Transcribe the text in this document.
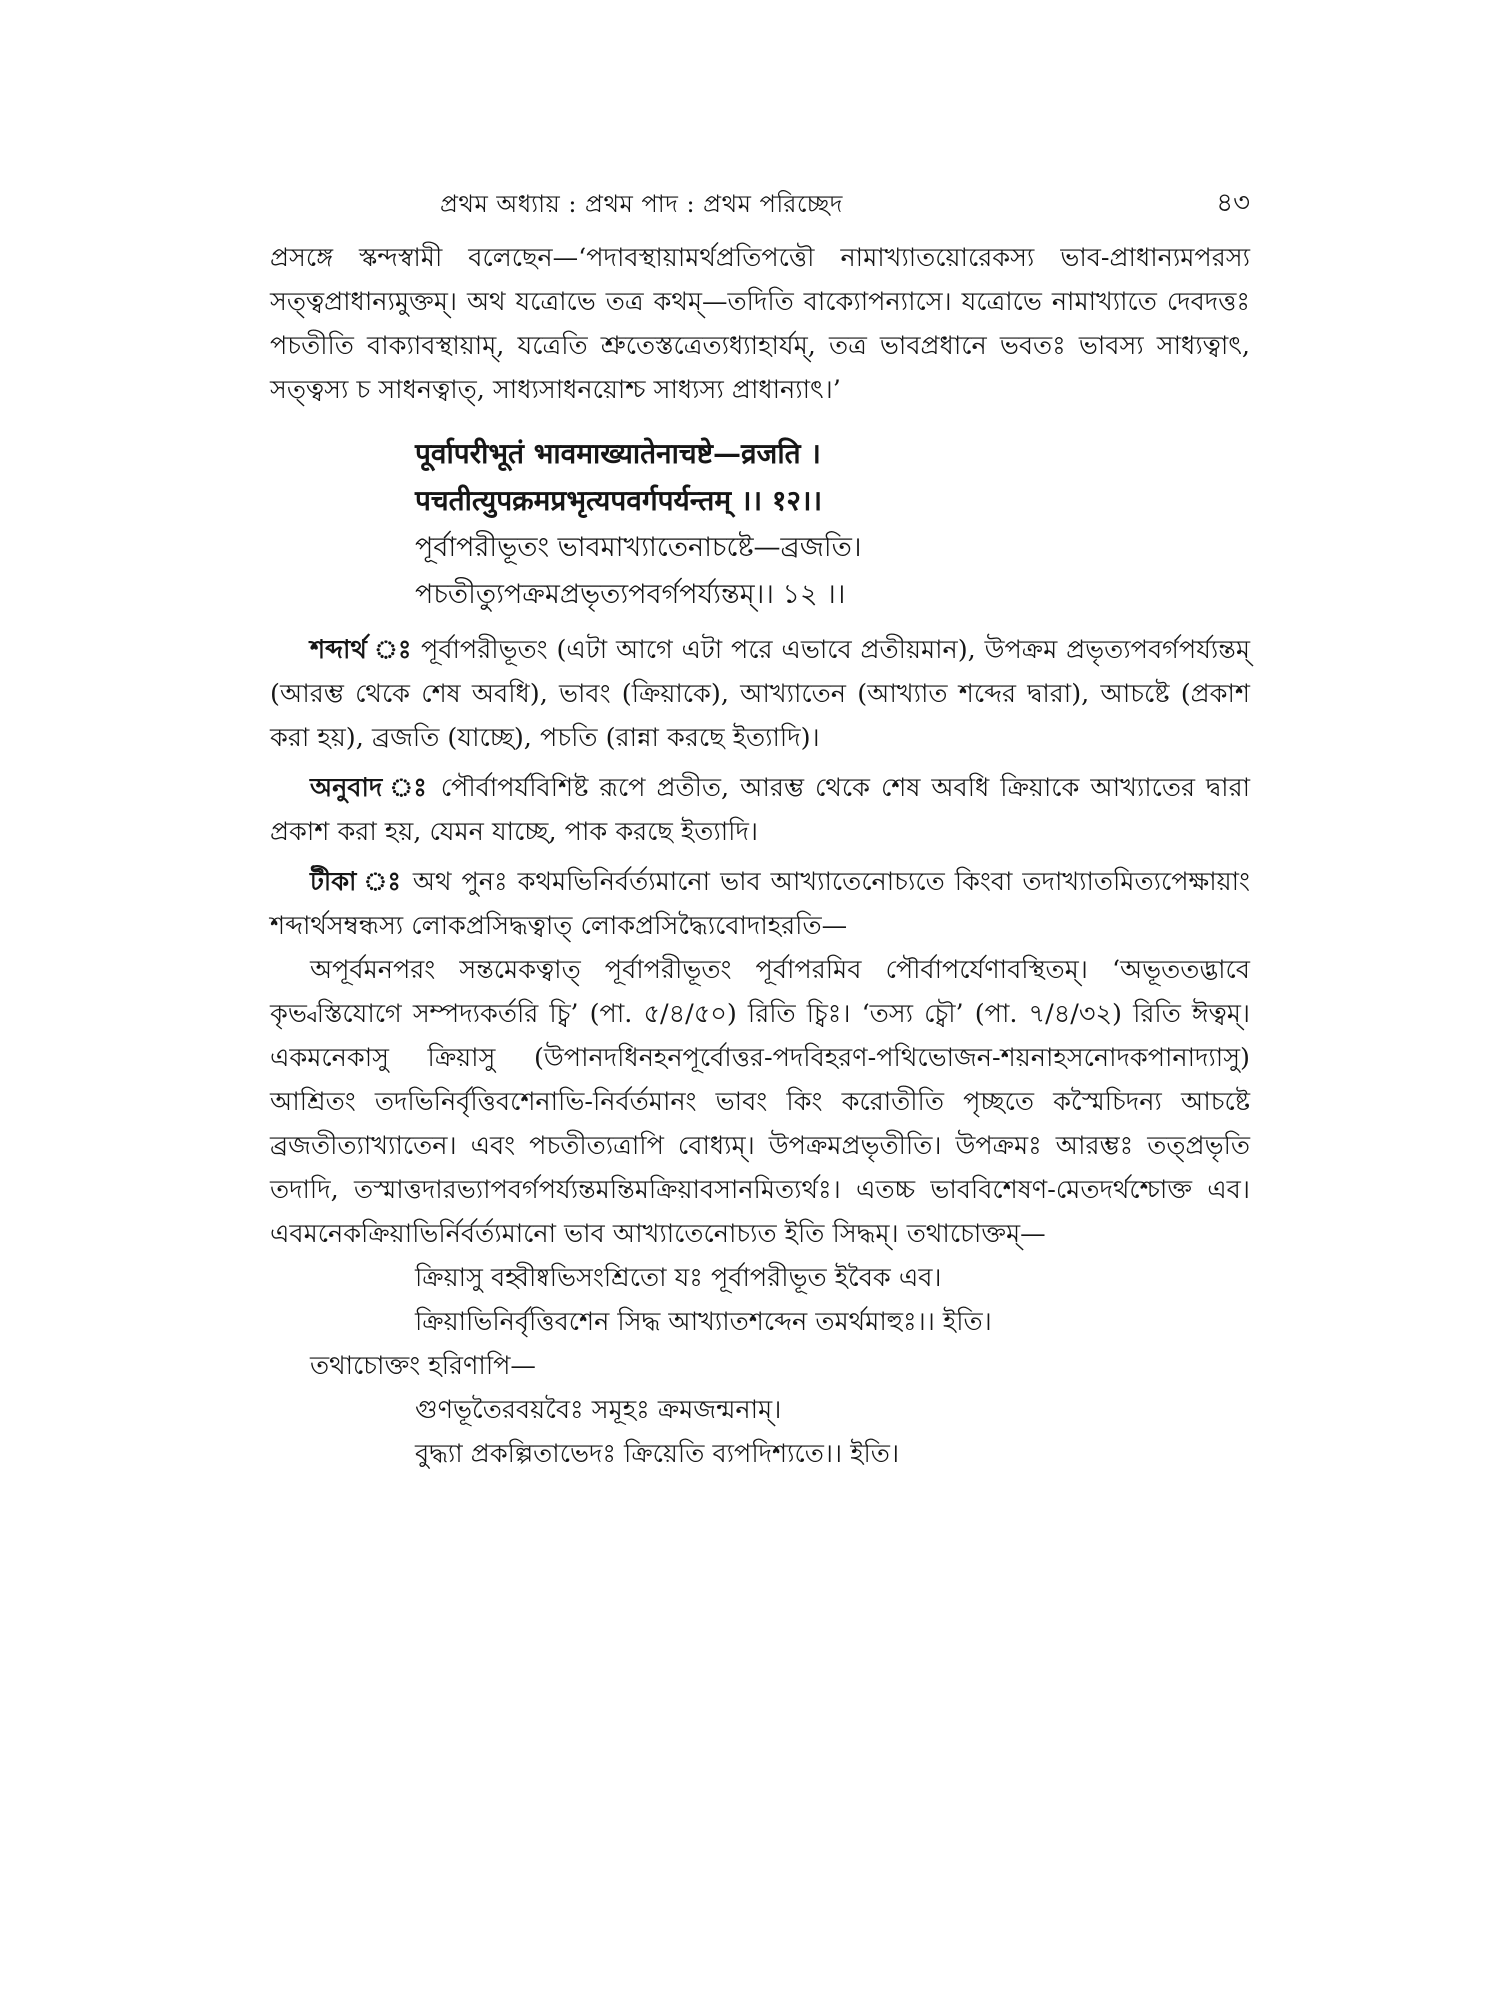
প্রথম অধ্যায় : প্রথম পাদ : প্রথম পরিচ্ছেদ	৪৩

প্রসঙ্গে স্কন্দস্বামী বলেছেন—‘পদাবস্থায়ামর্থপ্রতিপত্তৌ নামাখ্যাতয়োরেকস্য ভাব-প্রাধান্যমপরস্য সত্ত্বপ্রাধান্যমুক্তম্। অথ যত্রোভে তত্র কথম্—তদিতি বাক্যোপন্যাসে। যত্রোভে নামাখ্যাতে দেবদত্তঃ পচতীতি বাক্যাবস্থায়াম্, যত্রেতি শ্রুতেস্তত্রেত্যধ্যাহার্যম্, তত্র ভাবপ্রধানে ভবতঃ ভাবস্য সাধ্যত্বাৎ, সত্ত্বস্য চ সাধনত্বাত্, সাধ্যসাধনয়োশ্চ সাধ্যস্য প্রাধান্যাৎ।’

पूर्वापरीभूतं भावमाख्यातेनाचष्टे—व्रजति ।
पचतीत्युपक्रमप्रभृत्यपवर्गपर्यन्तम् ।। १२।।
পূর্বাপরীভূতং ভাবমাখ্যাতেনাচষ্টে—ব্রজতি।
পচতীত্যুপক্রমপ্রভৃত্যপবর্গপর্য্যন্তম্।। ১২ ।।

শব্দার্থ ঃ পূর্বাপরীভূতং (এটা আগে এটা পরে এভাবে প্রতীয়মান), উপক্রম প্রভৃত্যপবর্গপর্য্যন্তম্ (আরম্ভ থেকে শেষ অবধি), ভাবং (ক্রিয়াকে), আখ্যাতেন (আখ্যাত শব্দের দ্বারা), আচষ্টে (প্রকাশ করা হয়), ব্রজতি (যাচ্ছে), পচতি (রান্না করছে ইত্যাদি)।

অনুবাদ ঃ পৌর্বাপর্যবিশিষ্ট রূপে প্রতীত, আরম্ভ থেকে শেষ অবধি ক্রিয়াকে আখ্যাতের দ্বারা প্রকাশ করা হয়, যেমন যাচ্ছে, পাক করছে ইত্যাদি।

টীকা ঃ অথ পুনঃ কথমভিনির্বর্ত্যমানো ভাব আখ্যাতেনোচ্যতে কিংবা তদাখ্যাতমিত্যপেক্ষায়াং শব্দার্থসম্বন্ধস্য লোকপ্রসিদ্ধত্বাত্ লোকপ্রসিদ্ধ্যৈবোদাহরতি—

অপূর্বমনপরং সন্তমেকত্বাত্ পূর্বাপরীভূতং পূর্বাপরমিব পৌর্বাপর্যেণাবস্থিতম্। ‘অভূততদ্ভাবে কৃভ্বস্তিযোগে সম্পদ্যকর্তরি চ্বি’ (পা. ৫/৪/৫০) রিতি চ্বিঃ। ‘তস্য চ্বৌ’ (পা. ৭/৪/৩২) রিতি ঈত্বম্। একমনেকাসু ক্রিয়াসু (উপানদধিনহনপূর্বোত্তর-পদবিহরণ-পথিভোজন-শয়নাহসনোদকপানাদ্যাসু) আশ্রিতং তদভিনির্বৃত্তিবশেনাভি-নির্বর্তমানং ভাবং কিং করোতীতি পৃচ্ছতে কস্মৈচিদন্য আচষ্টে ব্রজতীত্যাখ্যাতেন। এবং পচতীত্যত্রাপি বোধ্যম্। উপক্রমপ্রভৃতীতি। উপক্রমঃ আরম্ভঃ তত্প্রভৃতি তদাদি, তস্মাত্তদারভ্যাপবর্গপর্য্যন্তমন্তিমক্রিয়াবসানমিত্যর্থঃ। এতচ্চ ভাববিশেষণ-মেতদর্থশ্চোক্ত এব। এবমনেকক্রিয়াভির্নির্বর্ত্যমানো ভাব আখ্যাতেনোচ্যত ইতি সিদ্ধম্। তথাচোক্তম্—

ক্রিয়াসু বহ্বীষ্বভিসংশ্রিতো যঃ পূর্বাপরীভূত ইবৈক এব।
ক্রিয়াভিনির্বৃত্তিবশেন সিদ্ধ আখ্যাতশব্দেন তমর্থমাহুঃ।। ইতি।
তথাচোক্তং হরিণাপি—
গুণভূতৈরবয়বৈঃ সমূহঃ ক্রমজন্মনাম্।
বুদ্ধ্যা প্রকল্পিতাভেদঃ ক্রিয়েতি ব্যপদিশ্যতে।। ইতি।
